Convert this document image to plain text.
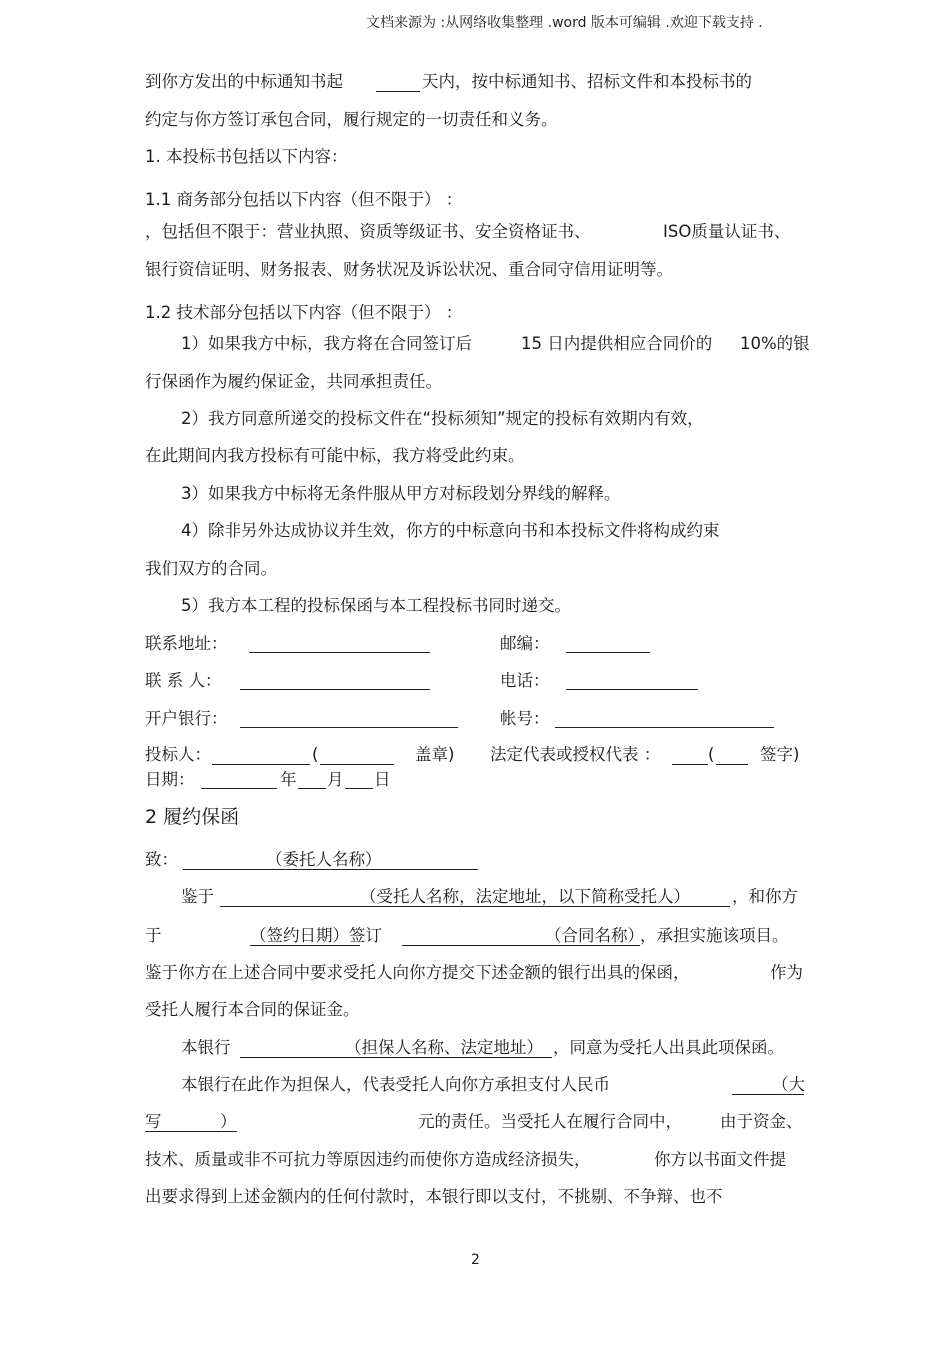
文档来源为 :从网络收集整理 .word 版本可编辑 .欢迎下载支持 .
到你方发出的中标通知书起	天内，按中标通知书、招标文件和本投标书的
约定与你方签订承包合同，履行规定的一切责任和义务。
1. 本投标书包括以下内容：
1.1 商务部分包括以下内容（但不限于） ：
，包括但不限于：营业执照、资质等级证书、安全资格证书、	ISO质量认证书、
银行资信证明、财务报表、财务状况及诉讼状况、重合同守信用证明等。
1.2 技术部分包括以下内容（但不限于） ：
1）如果我方中标，我方将在合同签订后	15 日内提供相应合同价的 10%的银
行保函作为履约保证金，共同承担责任。
2）我方同意所递交的投标文件在“投标须知”规定的投标有效期内有效，
在此期间内我方投标有可能中标，我方将受此约束。
3）如果我方中标将无条件服从甲方对标段划分界线的解释。
4）除非另外达成协议并生效，你方的中标意向书和本投标文件将构成约束
我们双方的合同。
5）我方本工程的投标保函与本工程投标书同时递交。
联系地址：	邮编：
联 系 人：	电话：
开户银行：	帐号：
投标人：	(	盖章) 法定代表或授权代表 ：	(	签字)
日期：	年 月 日
2 履约保函
致：	（委托人名称）
鉴于	（受托人名称，法定地址，以下简称受托人）	，和你方
于	（签约日期）签订	（合同名称）
，承担实施该项目。
鉴于你方在上述合同中要求受托人向你方提交下述金额的银行出具的保函，	作为
受托人履行本合同的保证金。
本银行	（担保人名称、法定地址） ，同意为受托人出具此项保函。
本银行在此作为担保人，代表受托人向你方承担支付人民币	（大
写	）	元的责任。当受托人在履行合同中， 由于资金、
技术、质量或非不可抗力等原因违约而使你方造成经济损失，	你方以书面文件提
出要求得到上述金额内的任何付款时，本银行即以支付，不挑剔、不争辩、也不
2
